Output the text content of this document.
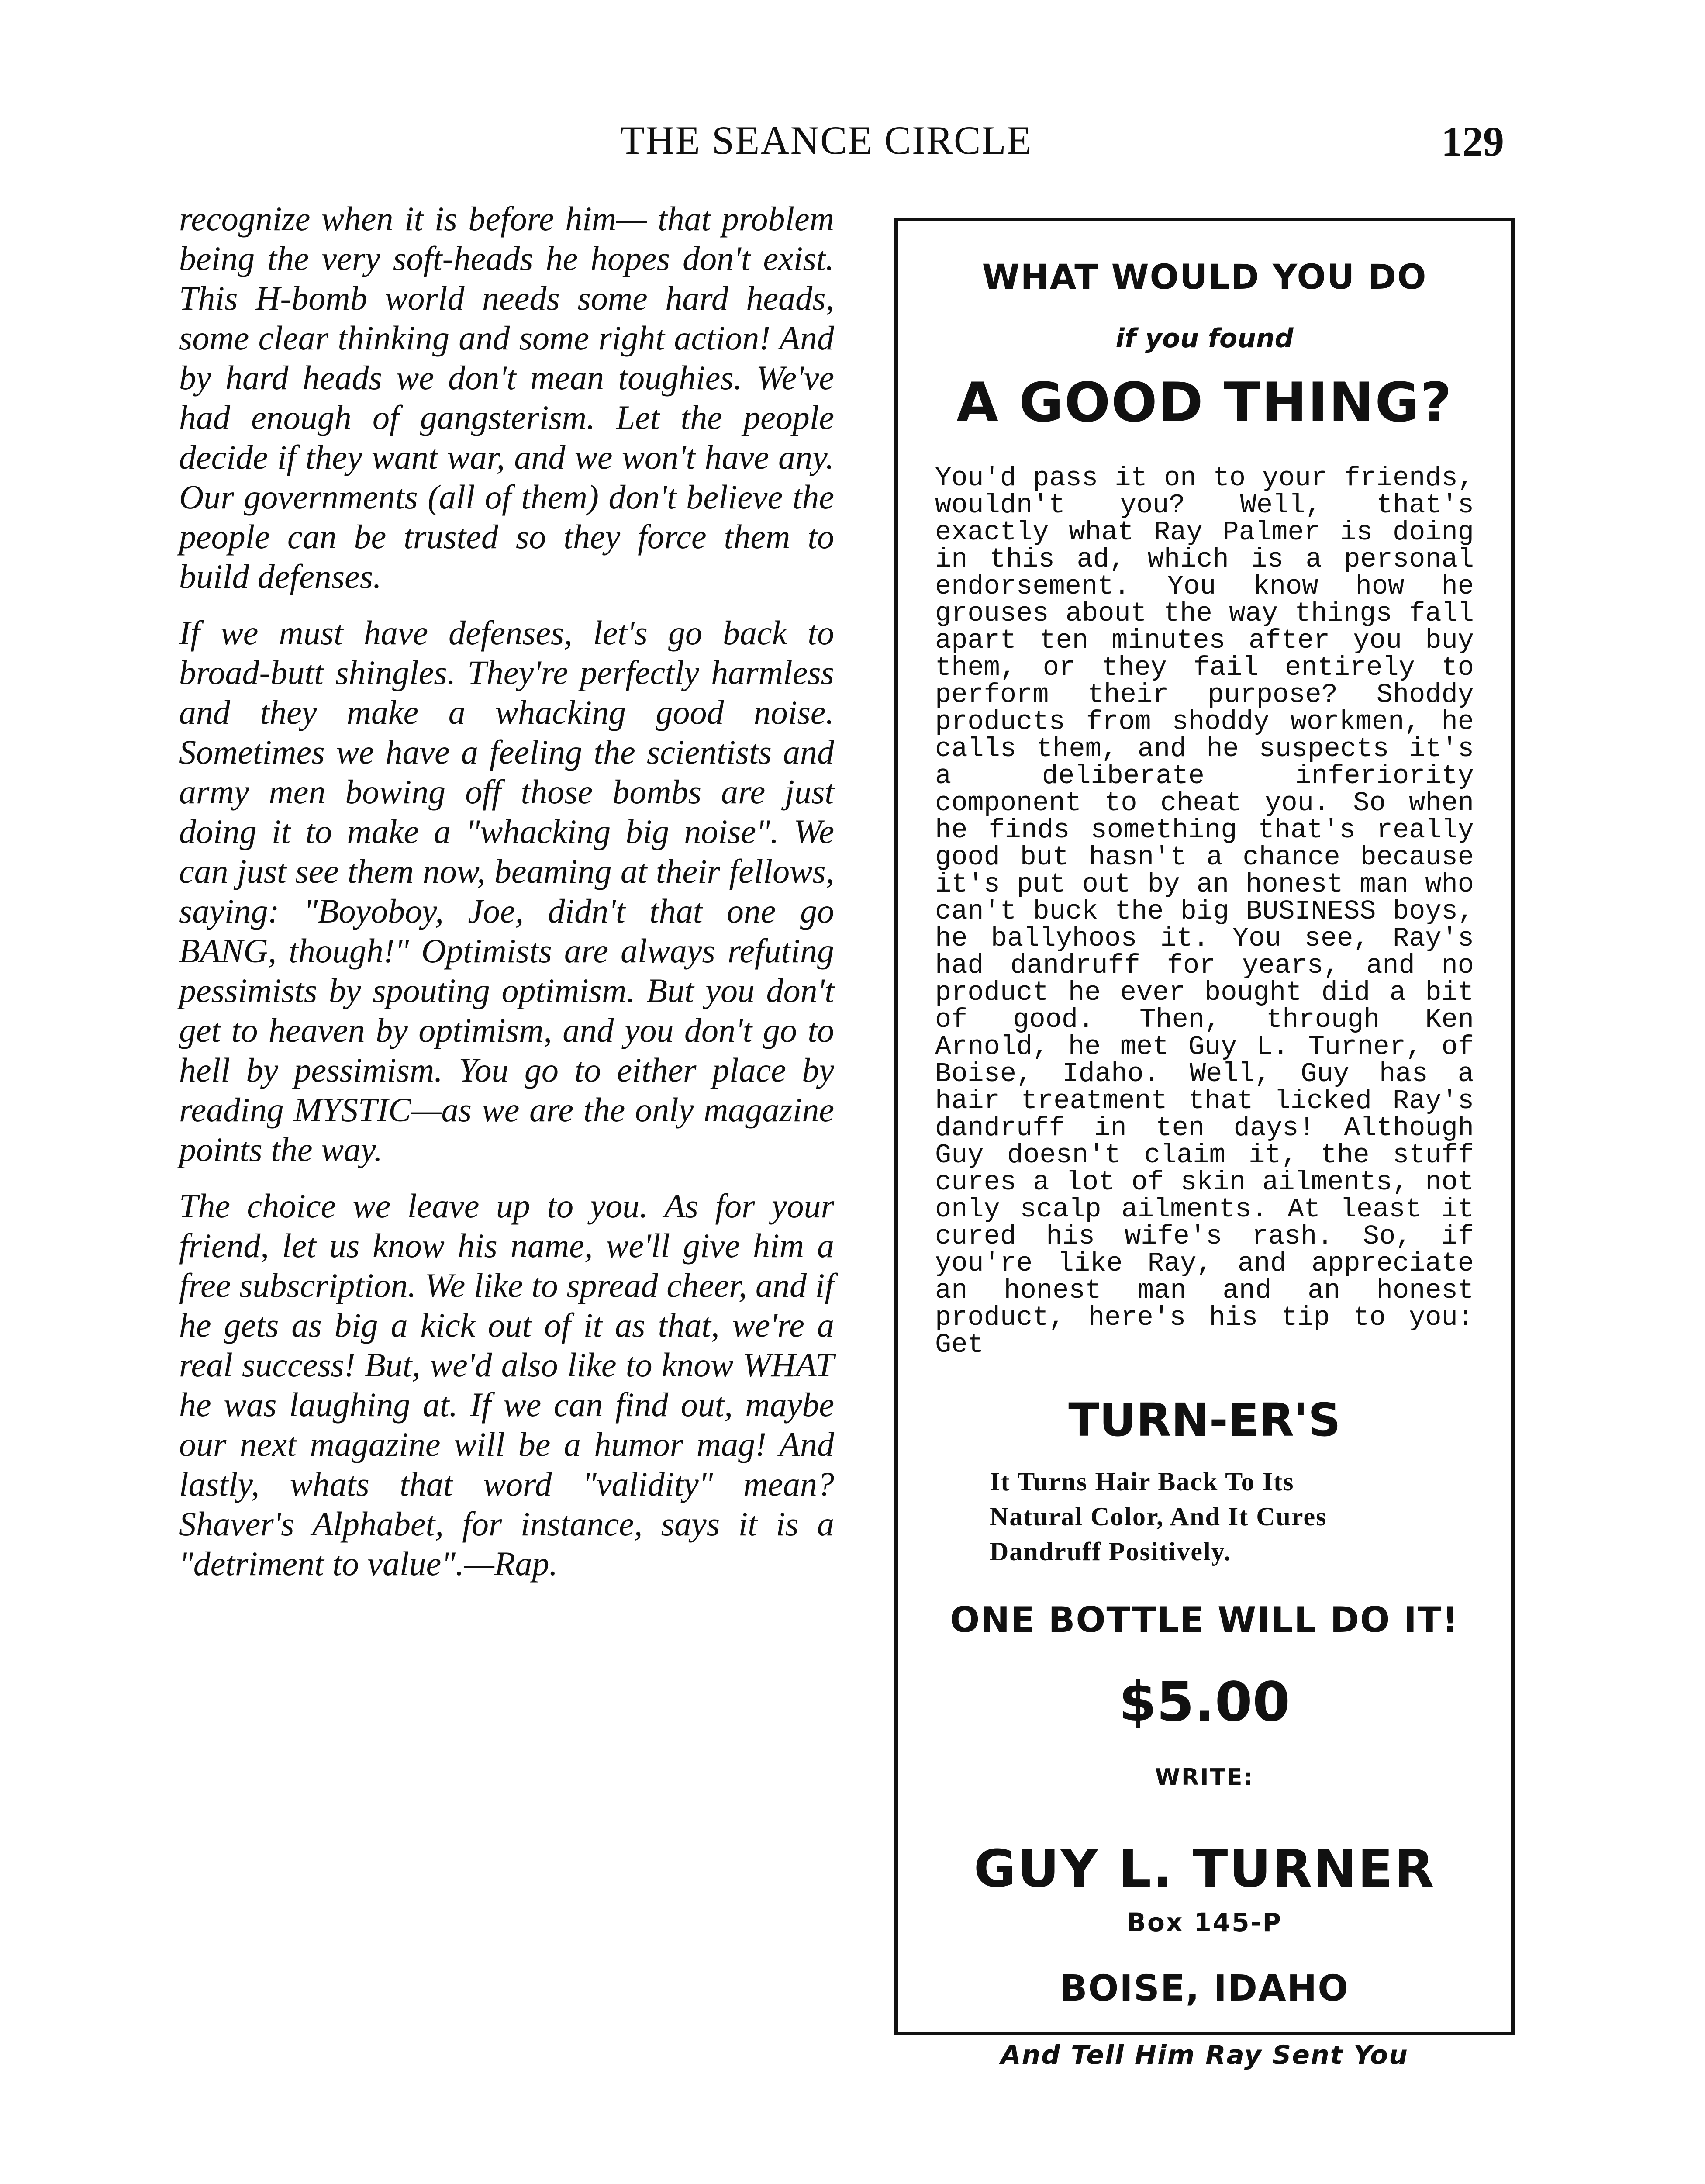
THE SEANCE CIRCLE	129

recognize when it is before him— that problem being the very soft-heads he hopes don't exist. This H-bomb world needs some hard heads, some clear thinking and some right action! And by hard heads we don't mean toughies. We've had enough of gangsterism. Let the people decide if they want war, and we won't have any. Our governments (all of them) don't believe the people can be trusted so they force them to build defenses.

If we must have defenses, let's go back to broad-butt shingles. They're perfectly harmless and they make a whacking good noise. Sometimes we have a feeling the scientists and army men bowing off those bombs are just doing it to make a "whacking big noise". We can just see them now, beaming at their fellows, saying: "Boyoboy, Joe, didn't that one go BANG, though!" Optimists are always refuting pessimists by spouting optimism. But you don't get to heaven by optimism, and you don't go to hell by pessimism. You go to either place by reading MYSTIC—as we are the only magazine points the way.

The choice we leave up to you. As for your friend, let us know his name, we'll give him a free subscription. We like to spread cheer, and if he gets as big a kick out of it as that, we're a real success! But, we'd also like to know WHAT he was laughing at. If we can find out, maybe our next magazine will be a humor mag! And lastly, whats that word "validity" mean? Shaver's Alphabet, for instance, says it is a "detriment to value".—Rap.

WHAT WOULD YOU DO
if you found
A GOOD THING?
You'd pass it on to your friends, wouldn't you? Well, that's exactly what Ray Palmer is doing in this ad, which is a personal endorsement. You know how he grouses about the way things fall apart ten minutes after you buy them, or they fail entirely to perform their purpose? Shoddy products from shoddy workmen, he calls them, and he suspects it's a deliberate inferiority component to cheat you. So when he finds something that's really good but hasn't a chance because it's put out by an honest man who can't buck the big BUSINESS boys, he ballyhoos it. You see, Ray's had dandruff for years, and no product he ever bought did a bit of good. Then, through Ken Arnold, he met Guy L. Turner, of Boise, Idaho. Well, Guy has a hair treatment that licked Ray's dandruff in ten days! Although Guy doesn't claim it, the stuff cures a lot of skin ailments, not only scalp ailments. At least it cured his wife's rash. So, if you're like Ray, and appreciate an honest man and an honest product, here's his tip to you: Get
TURN-ER'S
It Turns Hair Back To Its
Natural Color, And It Cures
Dandruff Positively.
ONE BOTTLE WILL DO IT!
$5.00
WRITE:
GUY L. TURNER
Box 145-P
BOISE, IDAHO
And Tell Him Ray Sent You
